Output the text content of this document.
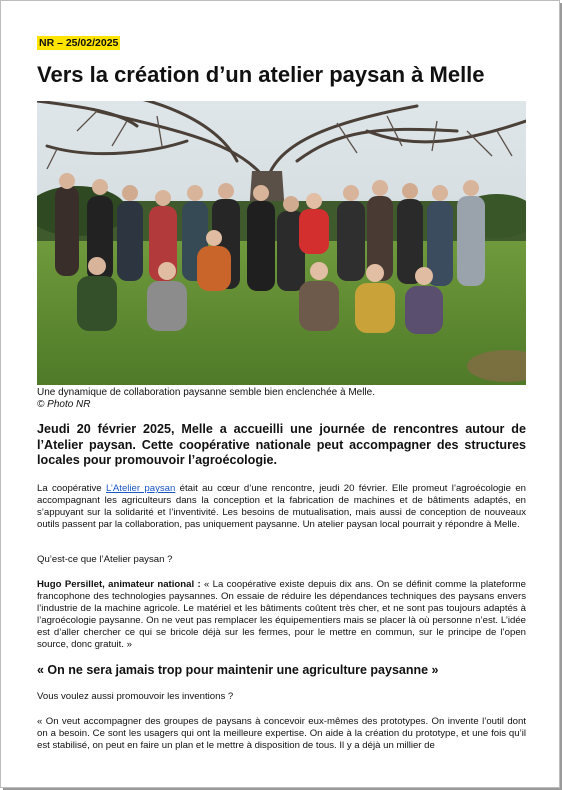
NR – 25/02/2025
Vers la création d’un atelier paysan à Melle
Une dynamique de collaboration paysanne semble bien enclenchée à Melle.
© Photo NR

Jeudi 20 février 2025, Melle a accueilli une journée de rencontres autour de l’Atelier paysan. Cette coopérative nationale peut accompagner des structures locales pour promouvoir l’agroécologie.

La coopérative L’Atelier paysan était au cœur d’une rencontre, jeudi 20 février. Elle promeut l’agroécologie en accompagnant les agriculteurs dans la conception et la fabrication de machines et de bâtiments adaptés, en s’appuyant sur la solidarité et l’inventivité. Les besoins de mutualisation, mais aussi de conception de nouveaux outils passent par la collaboration, pas uniquement paysanne. Un atelier paysan local pourrait y répondre à Melle.

Qu’est-ce que l’Atelier paysan ?

Hugo Persillet, animateur national : « La coopérative existe depuis dix ans. On se définit comme la plateforme francophone des technologies paysannes. On essaie de réduire les dépendances techniques des paysans envers l’industrie de la machine agricole. Le matériel et les bâtiments coûtent très cher, et ne sont pas toujours adaptés à l’agroécologie paysanne. On ne veut pas remplacer les équipementiers mais se placer là où personne n’est. L’idée est d’aller chercher ce qui se bricole déjà sur les fermes, pour le mettre en commun, sur le principe de l’open source, donc gratuit. »

« On ne sera jamais trop pour maintenir une agriculture paysanne »

Vous voulez aussi promouvoir les inventions ?

« On veut accompagner des groupes de paysans à concevoir eux-mêmes des prototypes. On invente l’outil dont on a besoin. Ce sont les usagers qui ont la meilleure expertise. On aide à la création du prototype, et une fois qu’il est stabilisé, on peut en faire un plan et le mettre à disposition de tous. Il y a déjà un millier de
